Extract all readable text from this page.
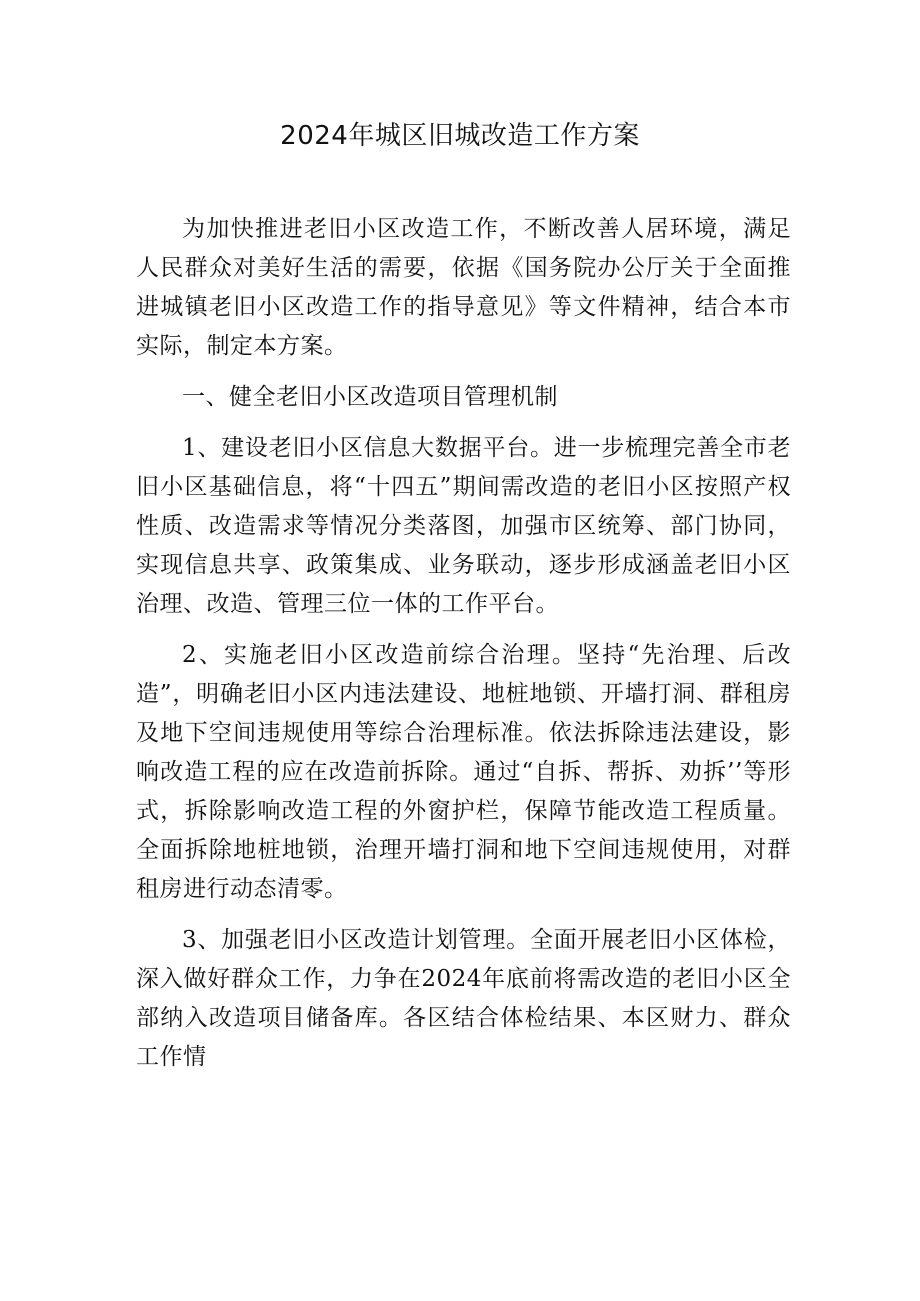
2024年城区旧城改造工作方案

为加快推进老旧小区改造工作，不断改善人居环境，满足人民群众对美好生活的需要，依据《国务院办公厅关于全面推进城镇老旧小区改造工作的指导意见》等文件精神，结合本市实际，制定本方案。

一、健全老旧小区改造项目管理机制

1、建设老旧小区信息大数据平台。进一步梳理完善全市老旧小区基础信息，将“十四五”期间需改造的老旧小区按照产权性质、改造需求等情况分类落图，加强市区统筹、部门协同，实现信息共享、政策集成、业务联动，逐步形成涵盖老旧小区治理、改造、管理三位一体的工作平台。

2、实施老旧小区改造前综合治理。坚持“先治理、后改造”，明确老旧小区内违法建设、地桩地锁、开墙打洞、群租房及地下空间违规使用等综合治理标准。依法拆除违法建设，影响改造工程的应在改造前拆除。通过“自拆、帮拆、劝拆’’等形式，拆除影响改造工程的外窗护栏，保障节能改造工程质量。全面拆除地桩地锁，治理开墙打洞和地下空间违规使用，对群租房进行动态清零。

3、加强老旧小区改造计划管理。全面开展老旧小区体检，深入做好群众工作，力争在2024年底前将需改造的老旧小区全部纳入改造项目储备库。各区结合体检结果、本区财力、群众工作情
